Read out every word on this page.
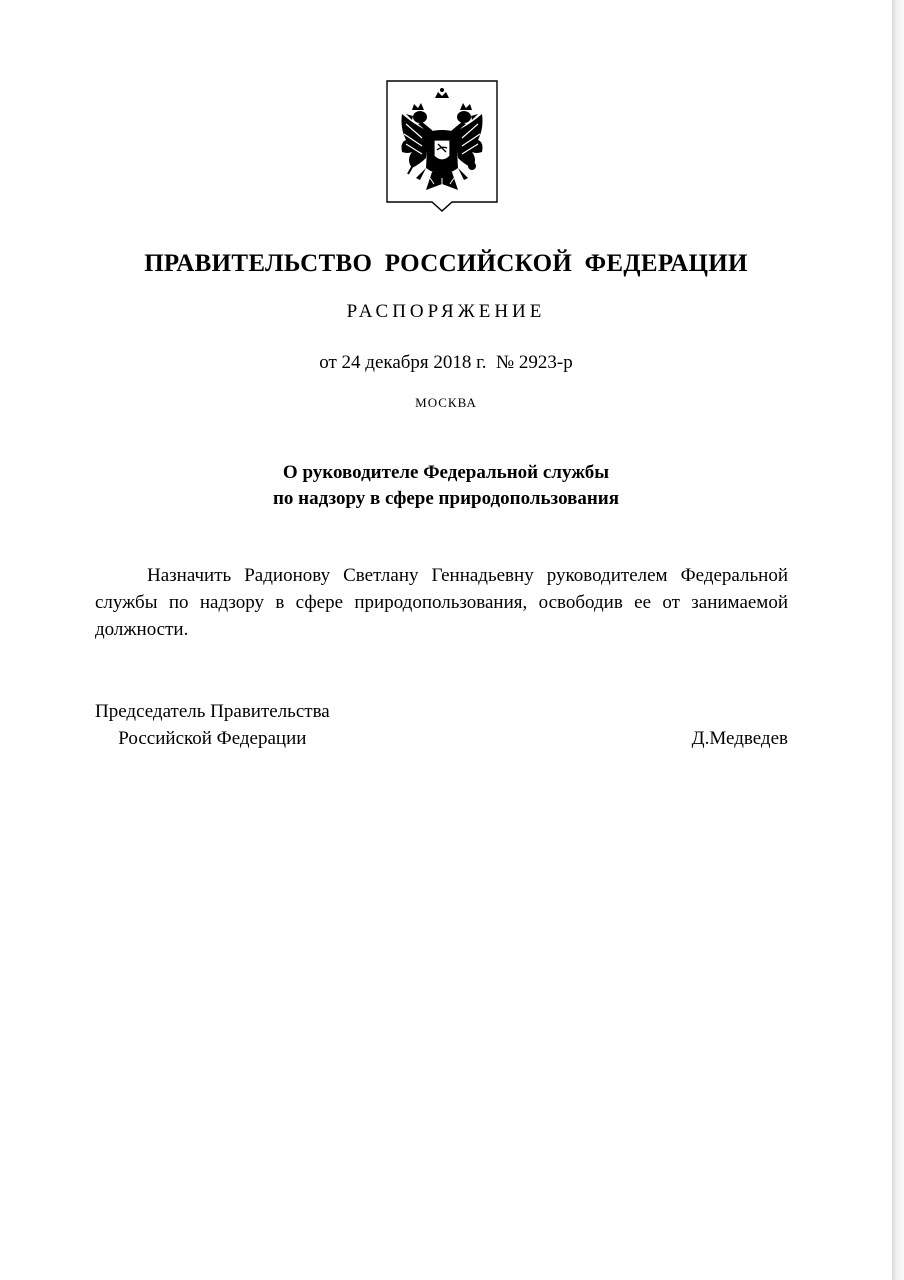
ПРАВИТЕЛЬСТВО РОССИЙСКОЙ ФЕДЕРАЦИИ
РАСПОРЯЖЕНИЕ
от 24 декабря 2018 г.  № 2923-р
МОСКВА
О руководителе Федеральной службы
по надзору в сфере природопользования

Назначить Радионову Светлану Геннадьевну руководителем Федеральной службы по надзору в сфере природопользования, освободив ее от занимаемой должности.

Председатель Правительства
Российской Федерации	Д.Медведев
